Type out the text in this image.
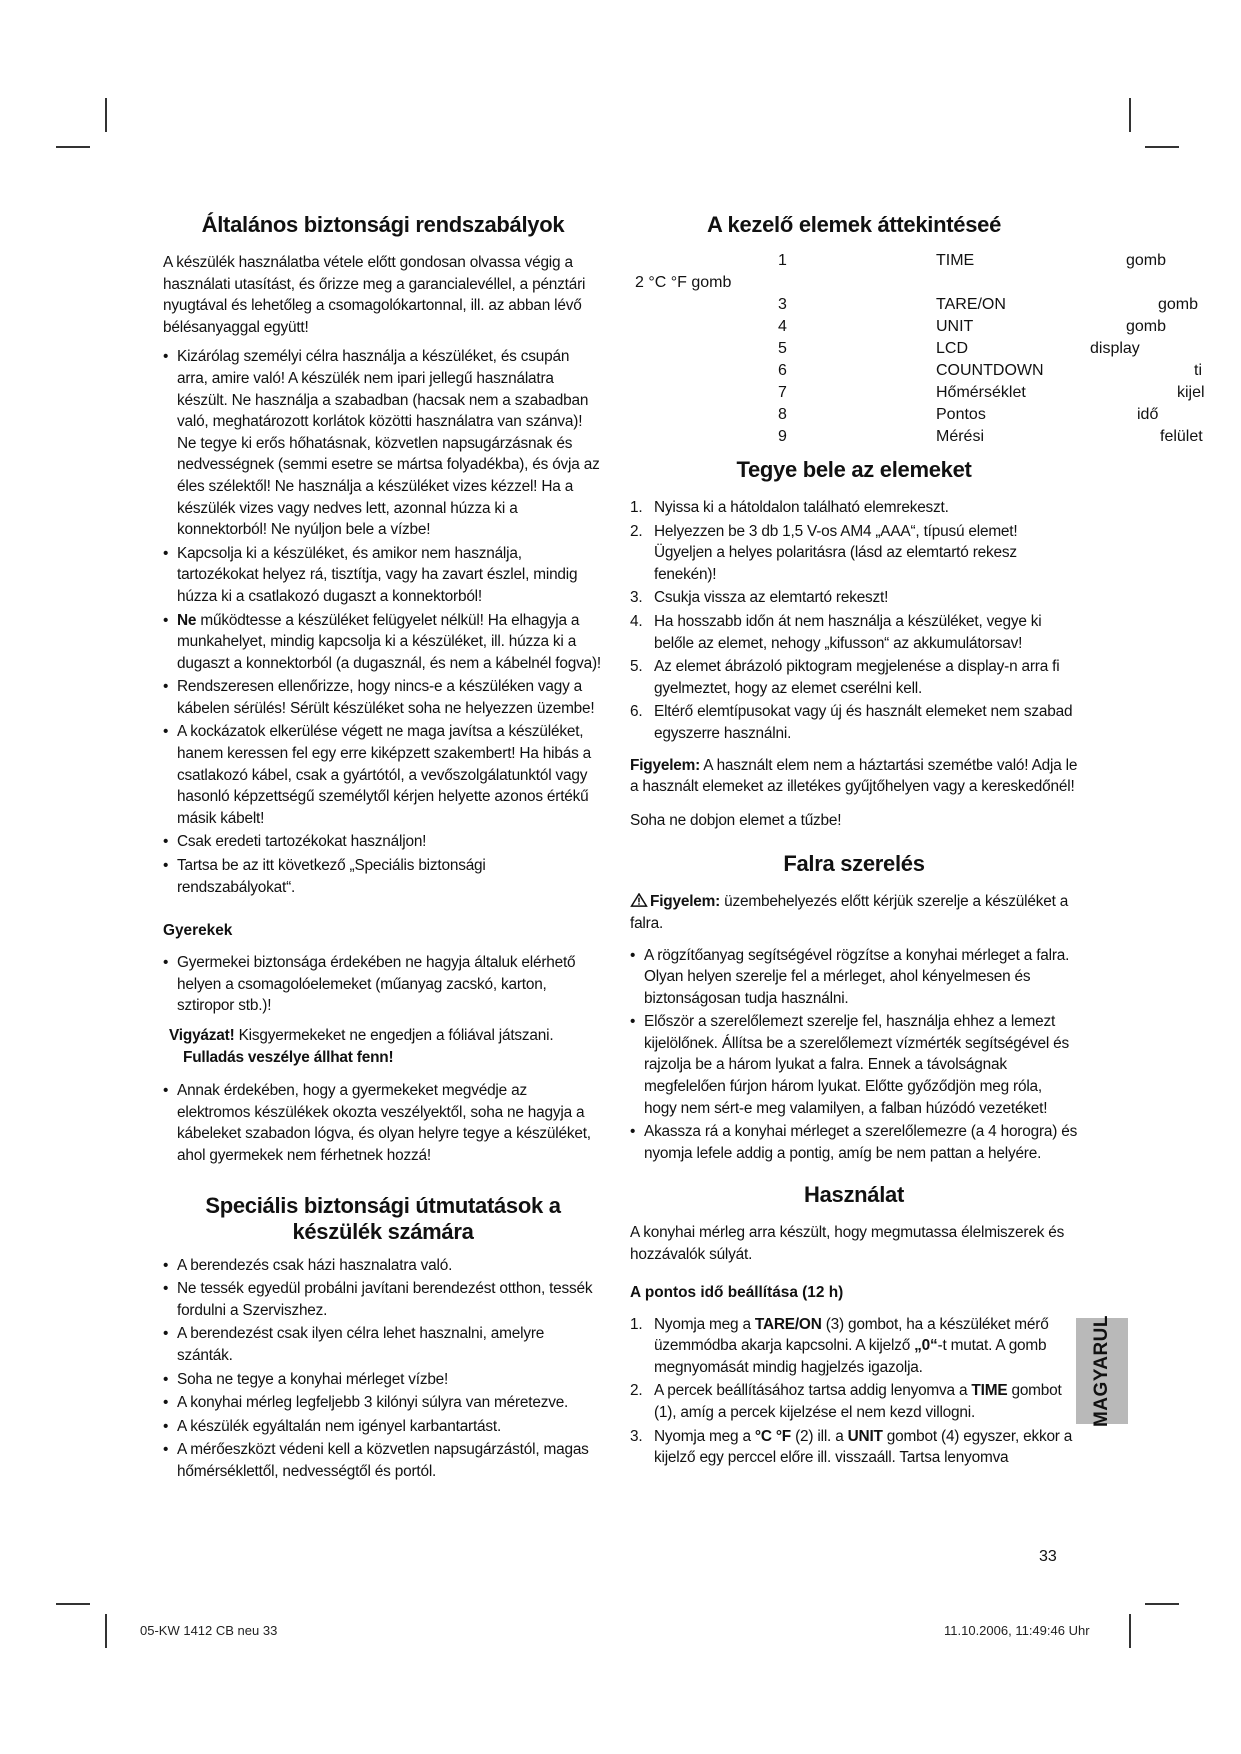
Általános biztonsági rendszabályok

A készülék használatba vétele előtt gondosan olvassa végig a használati utasítást, és őrizze meg a garancialevéllel, a pénztári nyugtával és lehetőleg a csomagolókartonnal, ill. az abban lévő bélésanyaggal együtt!

• Kizárólag személyi célra használja a készüléket, és csupán arra, amire való! A készülék nem ipari jellegű használatra készült. Ne használja a szabadban (hacsak nem a szabadban való, meghatározott korlátok közötti használatra van szánva)! Ne tegye ki erős hőhatásnak, közvetlen napsugárzásnak és nedvességnek (semmi esetre se mártsa folyadékba), és óvja az éles szélektől! Ne használja a készüléket vizes kézzel! Ha a készülék vizes vagy nedves lett, azonnal húzza ki a konnektorból! Ne nyúljon bele a vízbe!
• Kapcsolja ki a készüléket, és amikor nem használja, tartozékokat helyez rá, tisztítja, vagy ha zavart észlel, mindig húzza ki a csatlakozó dugaszt a konnektorból!
• Ne működtesse a készüléket felügyelet nélkül! Ha elhagyja a munkahelyet, mindig kapcsolja ki a készüléket, ill. húzza ki a dugaszt a konnektorból (a dugasznál, és nem a kábelnél fogva)!
• Rendszeresen ellenőrizze, hogy nincs-e a készüléken vagy a kábelen sérülés! Sérült készüléket soha ne helyezzen üzembe!
• A kockázatok elkerülése végett ne maga javítsa a készüléket, hanem keressen fel egy erre kiképzett szakembert! Ha hibás a csatlakozó kábel, csak a gyártótól, a vevőszolgálatunktól vagy hasonló képzettségű személytől kérjen helyette azonos értékű másik kábelt!
• Csak eredeti tartozékokat használjon!
• Tartsa be az itt következő „Speciális biztonsági rendszabályokat“.
Gyerekek
• Gyermekei biztonsága érdekében ne hagyja általuk elérhető helyen a csomagolóelemeket (műanyag zacskó, karton, sztiropor stb.)!

Vigyázat! Kisgyermekeket ne engedjen a fóliával játszani.
Fulladás veszélye állhat fenn!

• Annak érdekében, hogy a gyermekeket megvédje az elektromos készülékek okozta veszélyektől, soha ne hagyja a kábeleket szabadon lógva, és olyan helyre tegye a készüléket, ahol gyermekek nem férhetnek hozzá!
Speciális biztonsági útmutatások a készülék számára
• A berendezés csak házi hasznalatra való.
• Ne tessék egyedül probálni javítani berendezést otthon, tessék fordulni a Szerviszhez.
• A berendezést csak ilyen célra lehet hasznalni, amelyre szánták.
• Soha ne tegye a konyhai mérleget vízbe!
• A konyhai mérleg legfeljebb 3 kilónyi súlyra van méretezve.
• A készülék egyáltalán nem igényel karbantartást.
• A mérőeszközt védeni kell a közvetlen napsugárzástól, magas hőmérséklettől, nedvességtől és portól.
A kezelő elemek áttekintéseé
1	TIME	gomb
2 °C °F gomb
3	TARE/ON	gomb
4	UNIT	gomb
5	LCD	display
6	COUNTDOWN	ti
7	Hőmérséklet	kijel
8	Pontos	idő
9	Mérési	felület
Tegye bele az elemeket
1. Nyissa ki a hátoldalon található elemrekeszt.
2. Helyezzen be 3 db 1,5 V-os AM4 „AAA“, típusú elemet! Ügyeljen a helyes polaritásra (lásd az elemtartó rekesz fenekén)!
3. Csukja vissza az elemtartó rekeszt!
4. Ha hosszabb időn át nem használja a készüléket, vegye ki belőle az elemet, nehogy „kifusson“ az akkumulátorsav!
5. Az elemet ábrázoló piktogram megjelenése a display-n arra fi gyelmeztet, hogy az elemet cserélni kell.
6. Eltérő elemtípusokat vagy új és használt elemeket nem szabad egyszerre használni.

Figyelem: A használt elem nem a háztartási szemétbe való! Adja le a használt elemeket az illetékes gyűjtőhelyen vagy a kereskedőnél!

Soha ne dobjon elemet a tűzbe!

Falra szerelés

Figyelem: üzembehelyezés előtt kérjük szerelje a készüléket a falra.

• A rögzítőanyag segítségével rögzítse a konyhai mérleget a falra. Olyan helyen szerelje fel a mérleget, ahol kényelmesen és biztonságosan tudja használni.
• Először a szerelőlemezt szerelje fel, használja ehhez a lemezt kijelölőnek. Állítsa be a szerelőlemezt vízmérték segítségével és rajzolja be a három lyukat a falra. Ennek a távolságnak megfelelően fúrjon három lyukat. Előtte győződjön meg róla, hogy nem sért-e meg valamilyen, a falban húzódó vezetéket!
• Akassza rá a konyhai mérleget a szerelőlemezre (a 4 horogra) és nyomja lefele addig a pontig, amíg be nem pattan a helyére.
Használat

A konyhai mérleg arra készült, hogy megmutassa élelmiszerek és hozzávalók súlyát.

A pontos idő beállítása (12 h)
1. Nyomja meg a TARE/ON (3) gombot, ha a készüléket mérő üzemmódba akarja kapcsolni. A kijelző „0“-t mutat. A gomb megnyomását mindig hagjelzés igazolja.
2. A percek beállításához tartsa addig lenyomva a TIME gombot (1), amíg a percek kijelzése el nem kezd villogni.
3. Nyomja meg a °C °F (2) ill. a UNIT gombot (4) egyszer, ekkor a kijelző egy perccel előre ill. visszaáll. Tartsa lenyomva
MAGYARUL
33
05-KW 1412 CB neu 33	11.10.2006, 11:49:46 Uhr
